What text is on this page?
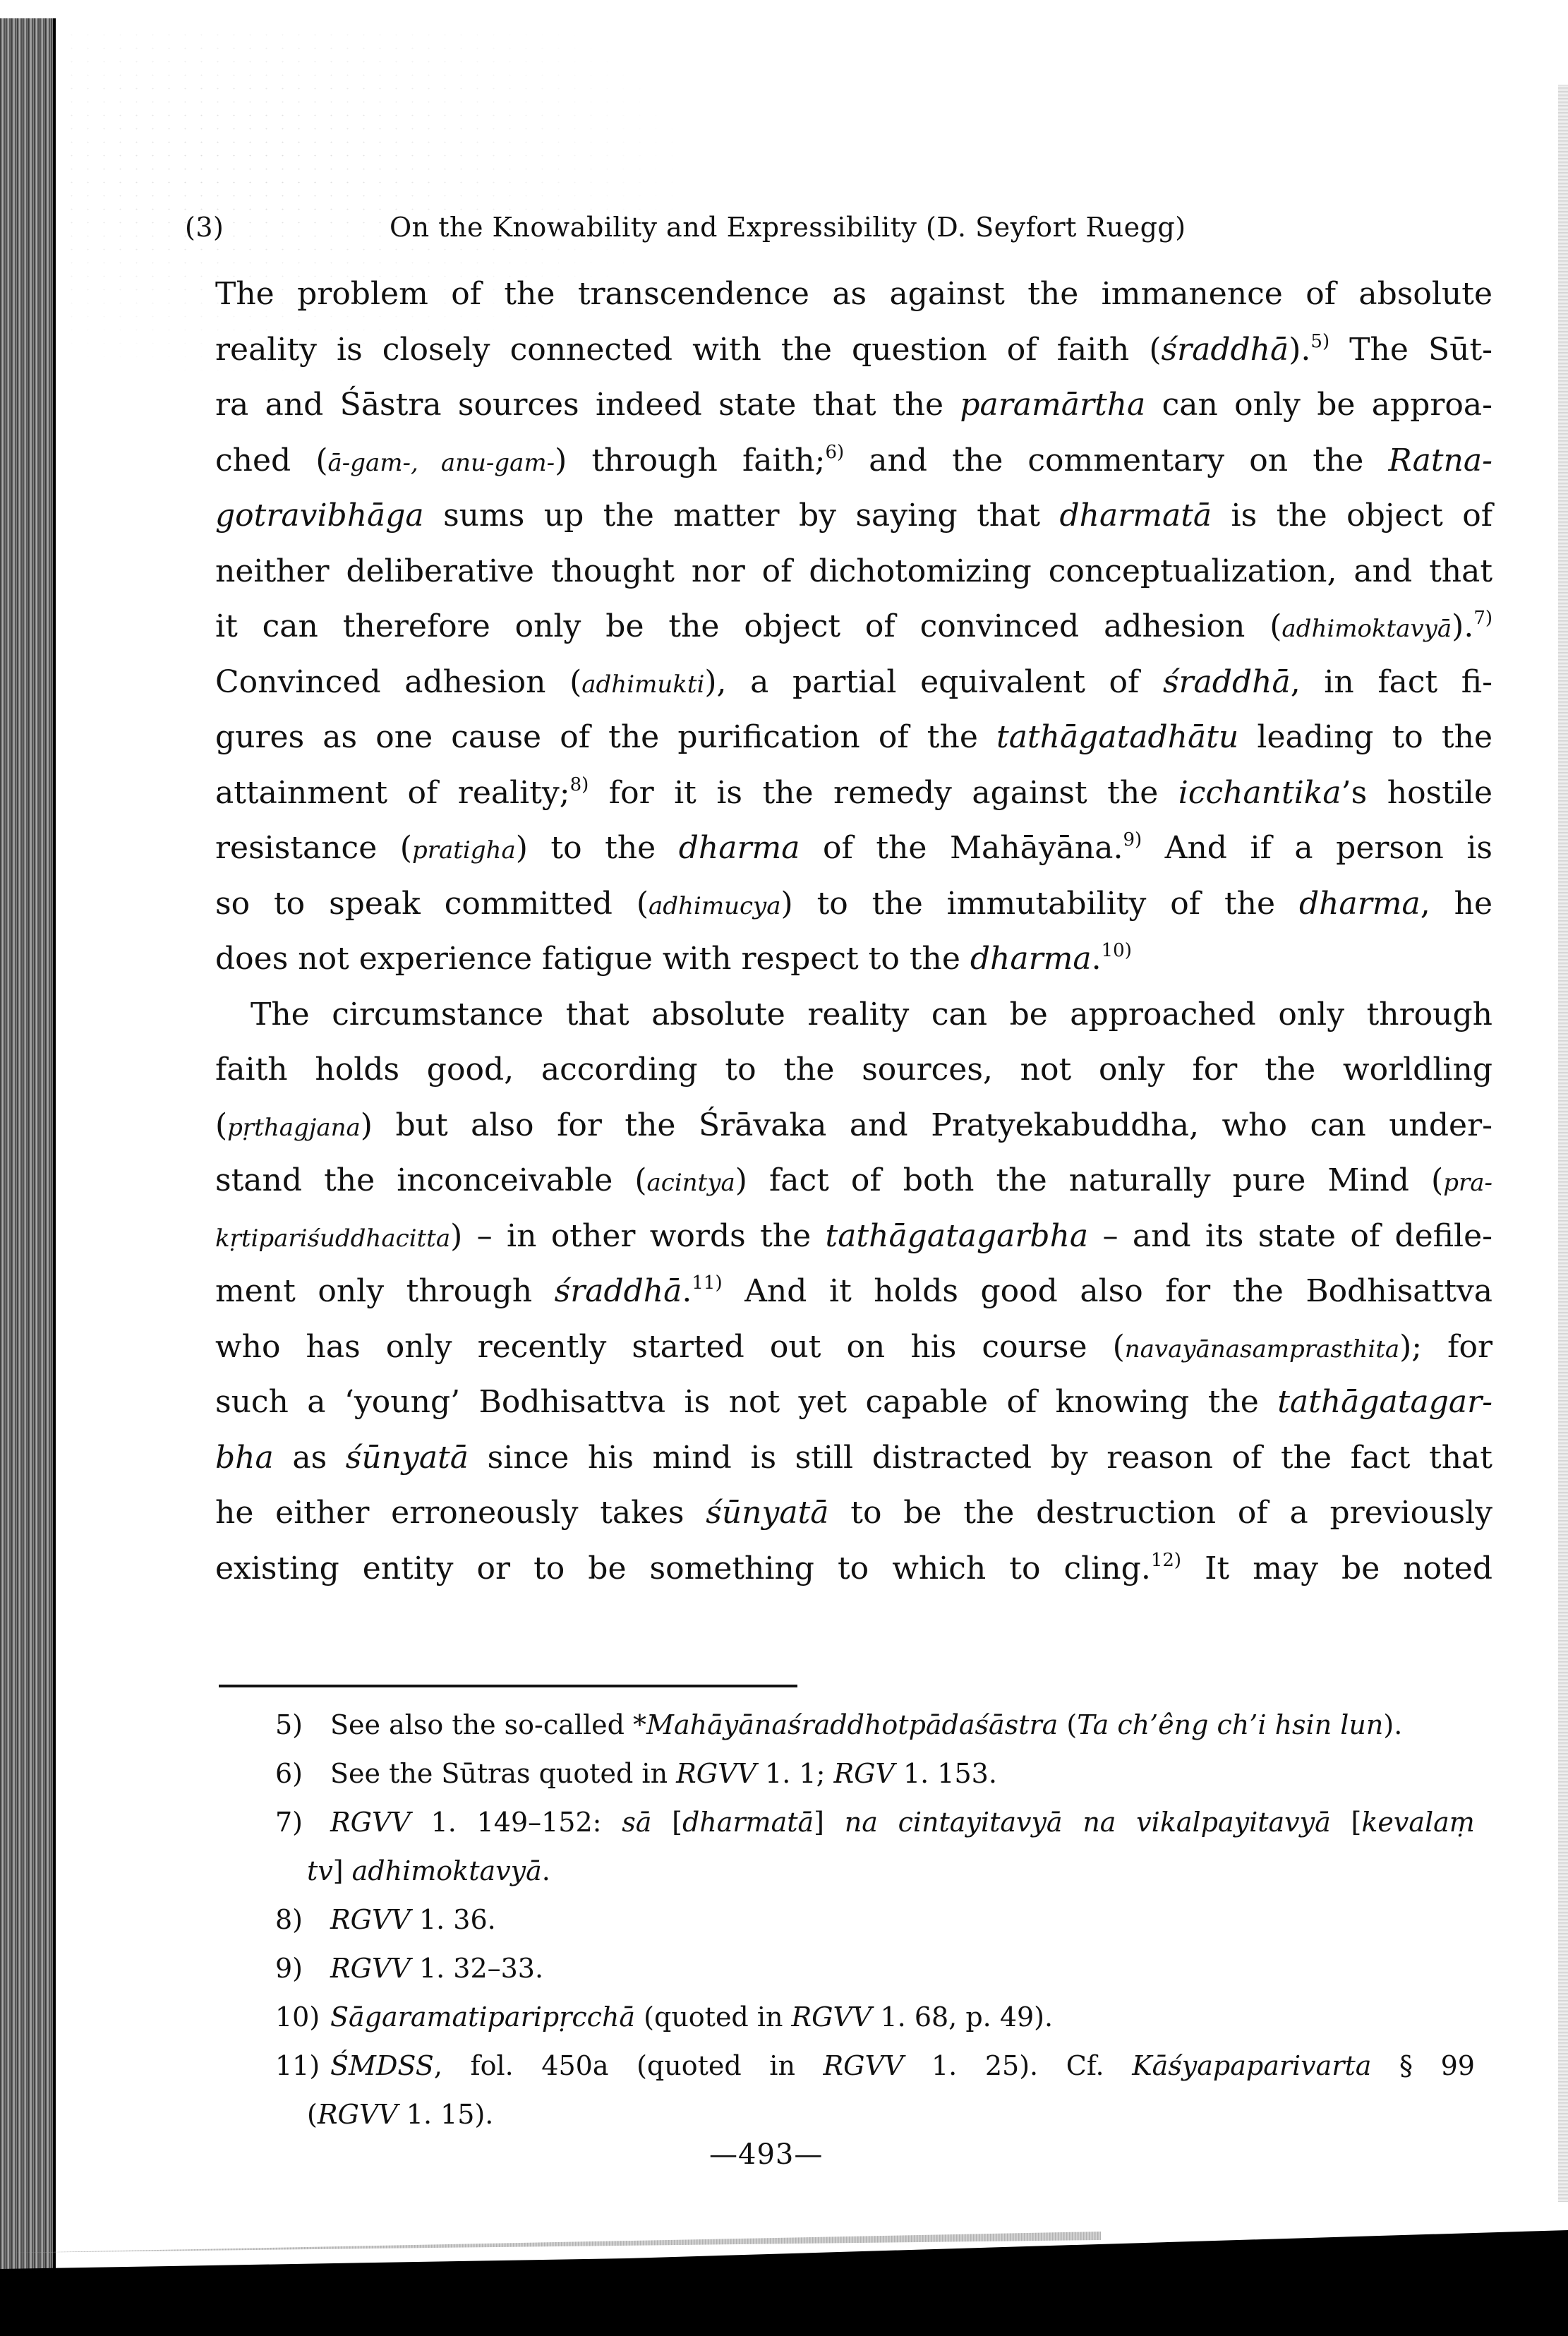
(3)	On the Knowability and Expressibility (D. Seyfort Ruegg)
The problem of the transcendence as against the immanence of absolute
reality is closely connected with the question of faith (śraddhā).$^{5)}$ The Sūt-
ra and Śāstra sources indeed state that the paramārtha can only be approa-
ched (ā-gam-, anu-gam-) through faith;$^{6)}$ and the commentary on the Ratna-
gotravibhāga sums up the matter by saying that dharmatā is the object of
neither deliberative thought nor of dichotomizing conceptualization, and that
it can therefore only be the object of convinced adhesion (adhimoktavyā).$^{7)}$
Convinced adhesion (adhimukti), a partial equivalent of śraddhā, in fact fi-
gures as one cause of the purification of the tathāgatadhātu leading to the
attainment of reality;$^{8)}$ for it is the remedy against the icchantika’s hostile
resistance (pratigha) to the dharma of the Mahāyāna.$^{9)}$ And if a person is
so to speak committed (adhimucya) to the immutability of the dharma, he
does not experience fatigue with respect to the dharma.$^{10)}$
The circumstance that absolute reality can be approached only through
faith holds good, according to the sources, not only for the worldling
(pṛthagjana) but also for the Śrāvaka and Pratyekabuddha, who can under-
stand the inconceivable (acintya) fact of both the naturally pure Mind (pra-
kṛtipariśuddhacitta) – in other words the tathāgatagarbha – and its state of defile-
ment only through śraddhā.$^{11)}$ And it holds good also for the Bodhisattva
who has only recently started out on his course (navayānasamprasthita); for
such a ‘young’ Bodhisattva is not yet capable of knowing the tathāgatagar-
bha as śūnyatā since his mind is still distracted by reason of the fact that
he either erroneously takes śūnyatā to be the destruction of a previously
existing entity or to be something to which to cling.$^{12)}$ It may be noted
5) See also the so-called *Mahāyānaśraddhotpādaśāstra (Ta ch’êng ch’i hsin lun).
6) See the Sūtras quoted in RGVV 1. 1; RGV 1. 153.
7) RGVV 1. 149–152: sā [dharmatā] na cintayitavyā na vikalpayitavyā [kevalaṃ
tv] adhimoktavyā.
8) RGVV 1. 36.
9) RGVV 1. 32–33.
10) Sāgaramatiparipṛcchā (quoted in RGVV 1. 68, p. 49).
11) ŚMDSS, fol. 450a (quoted in RGVV 1. 25). Cf. Kāśyapaparivarta § 99
(RGVV 1. 15).
—493—
